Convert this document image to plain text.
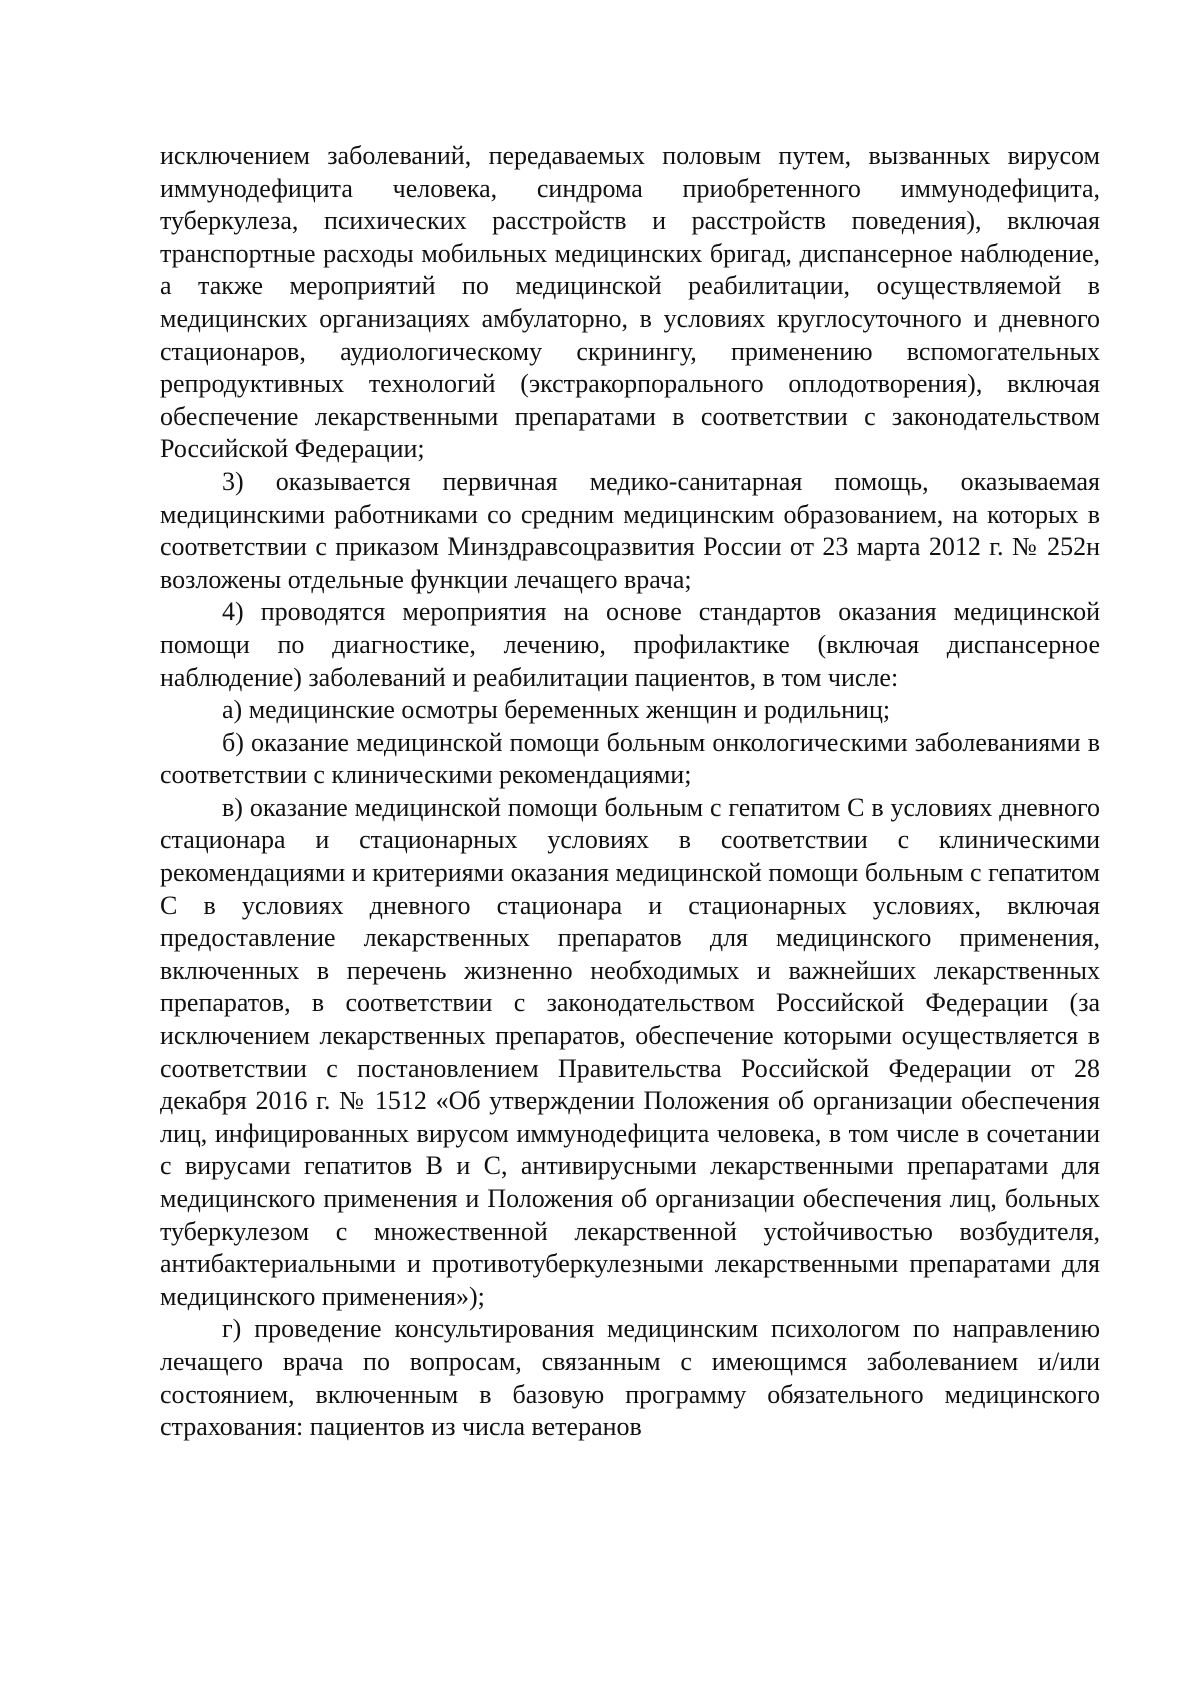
исключением заболеваний, передаваемых половым путем, вызванных вирусом иммунодефицита человека, синдрома приобретенного иммунодефицита, туберкулеза, психических расстройств и расстройств поведения), включая транспортные расходы мобильных медицинских бригад, диспансерное наблюдение, а также мероприятий по медицинской реабилитации, осуществляемой в медицинских организациях амбулаторно, в условиях круглосуточного и дневного стационаров, аудиологическому скринингу, применению вспомогательных репродуктивных технологий (экстракорпорального оплодотворения), включая обеспечение лекарственными препаратами в соответствии с законодательством Российской Федерации;

3) оказывается первичная медико-санитарная помощь, оказываемая медицинскими работниками со средним медицинским образованием, на которых в соответствии с приказом Минздравсоцразвития России от 23 марта 2012 г. № 252н возложены отдельные функции лечащего врача;

4) проводятся мероприятия на основе стандартов оказания медицинской помощи по диагностике, лечению, профилактике (включая диспансерное наблюдение) заболеваний и реабилитации пациентов, в том числе:

а) медицинские осмотры беременных женщин и родильниц;

б) оказание медицинской помощи больным онкологическими заболеваниями в соответствии с клиническими рекомендациями;

в) оказание медицинской помощи больным с гепатитом С в условиях дневного стационара и стационарных условиях в соответствии с клиническими рекомендациями и критериями оказания медицинской помощи больным с гепатитом С в условиях дневного стационара и стационарных условиях, включая предоставление лекарственных препаратов для медицинского применения, включенных в перечень жизненно необходимых и важнейших лекарственных препаратов, в соответствии с законодательством Российской Федерации (за исключением лекарственных препаратов, обеспечение которыми осуществляется в соответствии с постановлением Правительства Российской Федерации от 28 декабря 2016 г. № 1512 «Об утверждении Положения об организации обеспечения лиц, инфицированных вирусом иммунодефицита человека, в том числе в сочетании с вирусами гепатитов В и С, антивирусными лекарственными препаратами для медицинского применения и Положения об организации обеспечения лиц, больных туберкулезом с множественной лекарственной устойчивостью возбудителя, антибактериальными и противотуберкулезными лекарственными препаратами для медицинского применения»);

г) проведение консультирования медицинским психологом по направлению лечащего врача по вопросам, связанным с имеющимся заболеванием и/или состоянием, включенным в базовую программу обязательного медицинского страхования: пациентов из числа ветеранов
